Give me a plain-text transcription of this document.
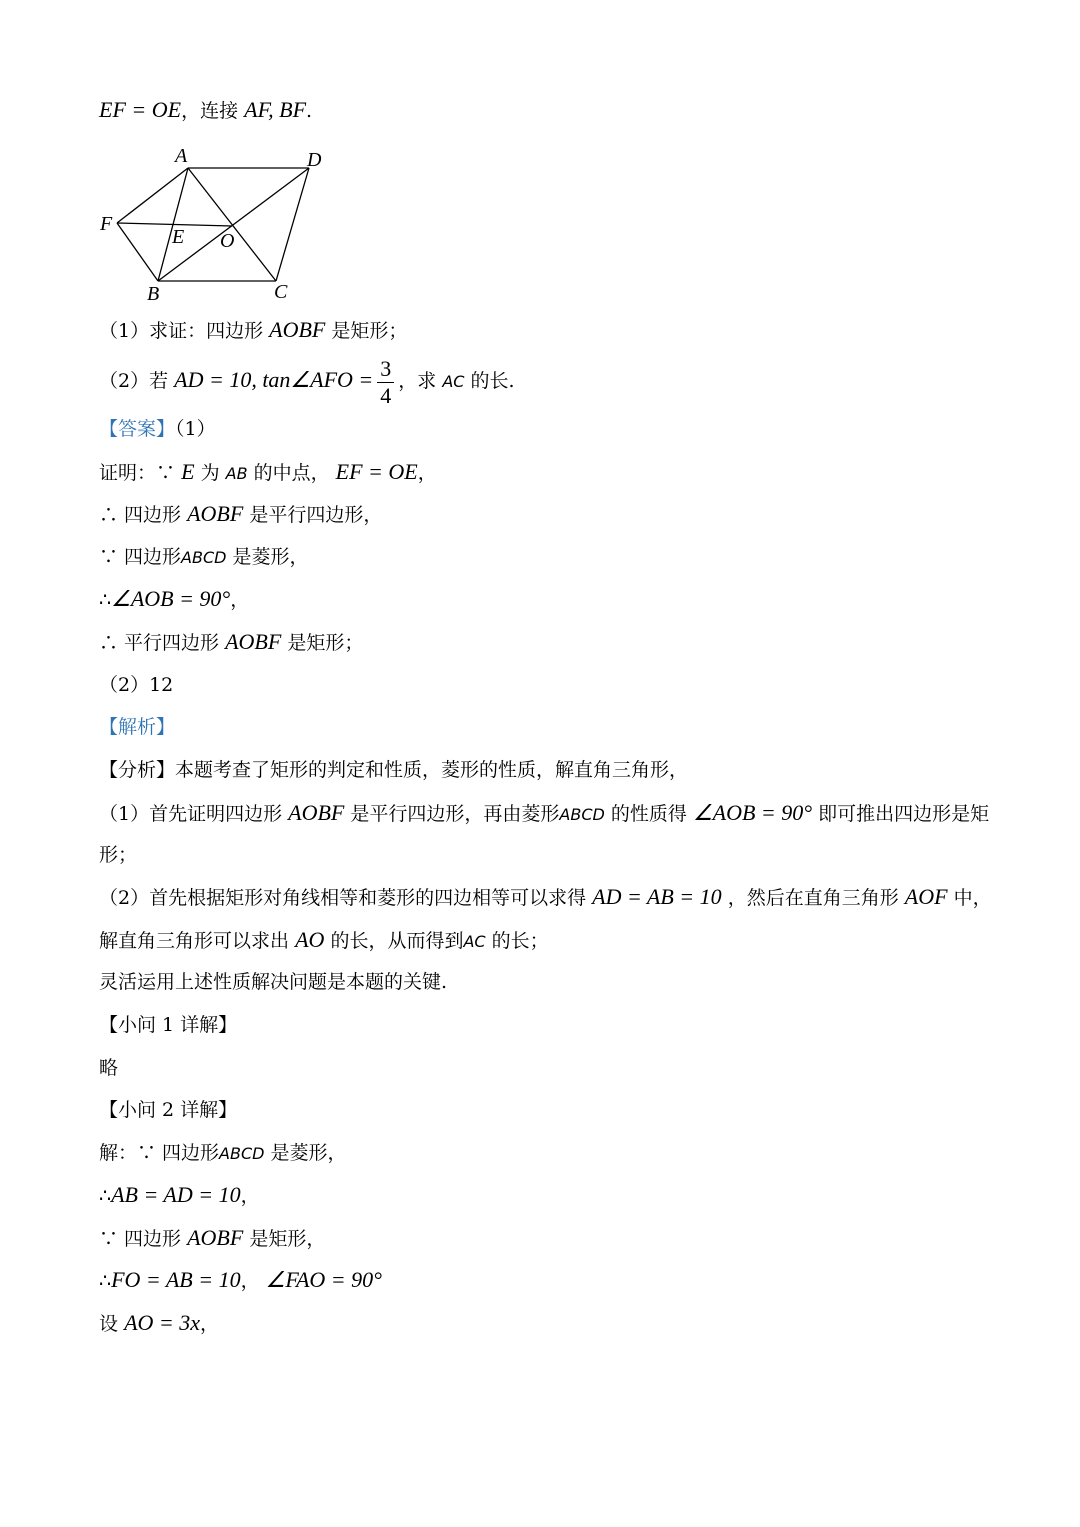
EF = OE，连接 AF, BF.
A	D
F
E O
B	C
（1）求证：四边形 AOBF 是矩形；
（2）若 AD = 10, tan∠AFO = $\frac{3}{4}$ ，求 AC 的长.
【答案】（1）
证明：∵ E 为 AB 的中点， EF = OE，
∴ 四边形 AOBF 是平行四边形，
∵ 四边形ABCD 是菱形，
∴∠AOB = 90°，
∴ 平行四边形 AOBF 是矩形；
（2）12
【解析】
【分析】本题考查了矩形的判定和性质，菱形的性质，解直角三角形，
（1）首先证明四边形 AOBF 是平行四边形，再由菱形ABCD 的性质得 ∠AOB = 90° 即可推出四边形是矩
形；
（2）首先根据矩形对角线相等和菱形的四边相等可以求得 AD = AB = 10 ，然后在直角三角形 AOF 中，
解直角三角形可以求出 AO 的长，从而得到AC 的长；
灵活运用上述性质解决问题是本题的关键.
【小问 1 详解】
略
【小问 2 详解】
解：∵ 四边形ABCD 是菱形，
∴AB = AD = 10，
∵ 四边形 AOBF 是矩形，
∴FO = AB = 10， ∠FAO = 90°
设 AO = 3x，
